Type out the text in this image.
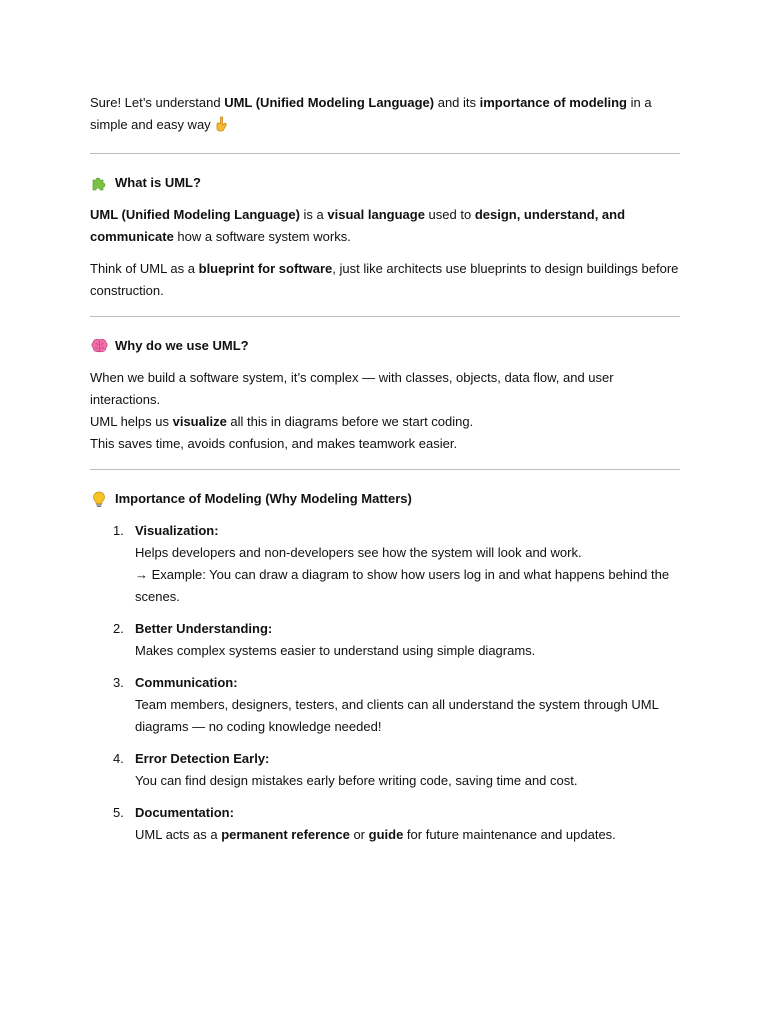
Sure! Let’s understand UML (Unified Modeling Language) and its importance of modeling in a simple and easy way

What is UML?

UML (Unified Modeling Language) is a visual language used to design, understand, and communicate how a software system works.

Think of UML as a blueprint for software, just like architects use blueprints to design buildings before construction.

Why do we use UML?

When we build a software system, it’s complex — with classes, objects, data flow, and user interactions.
UML helps us visualize all this in diagrams before we start coding.
This saves time, avoids confusion, and makes teamwork easier.

Importance of Modeling (Why Modeling Matters)
1. Visualization:
Helps developers and non-developers see how the system will look and work.
→ Example: You can draw a diagram to show how users log in and what happens behind the scenes.
2. Better Understanding:
Makes complex systems easier to understand using simple diagrams.
3. Communication:
Team members, designers, testers, and clients can all understand the system through UML diagrams — no coding knowledge needed!
4. Error Detection Early:
You can find design mistakes early before writing code, saving time and cost.
5. Documentation:
UML acts as a permanent reference or guide for future maintenance and updates.
